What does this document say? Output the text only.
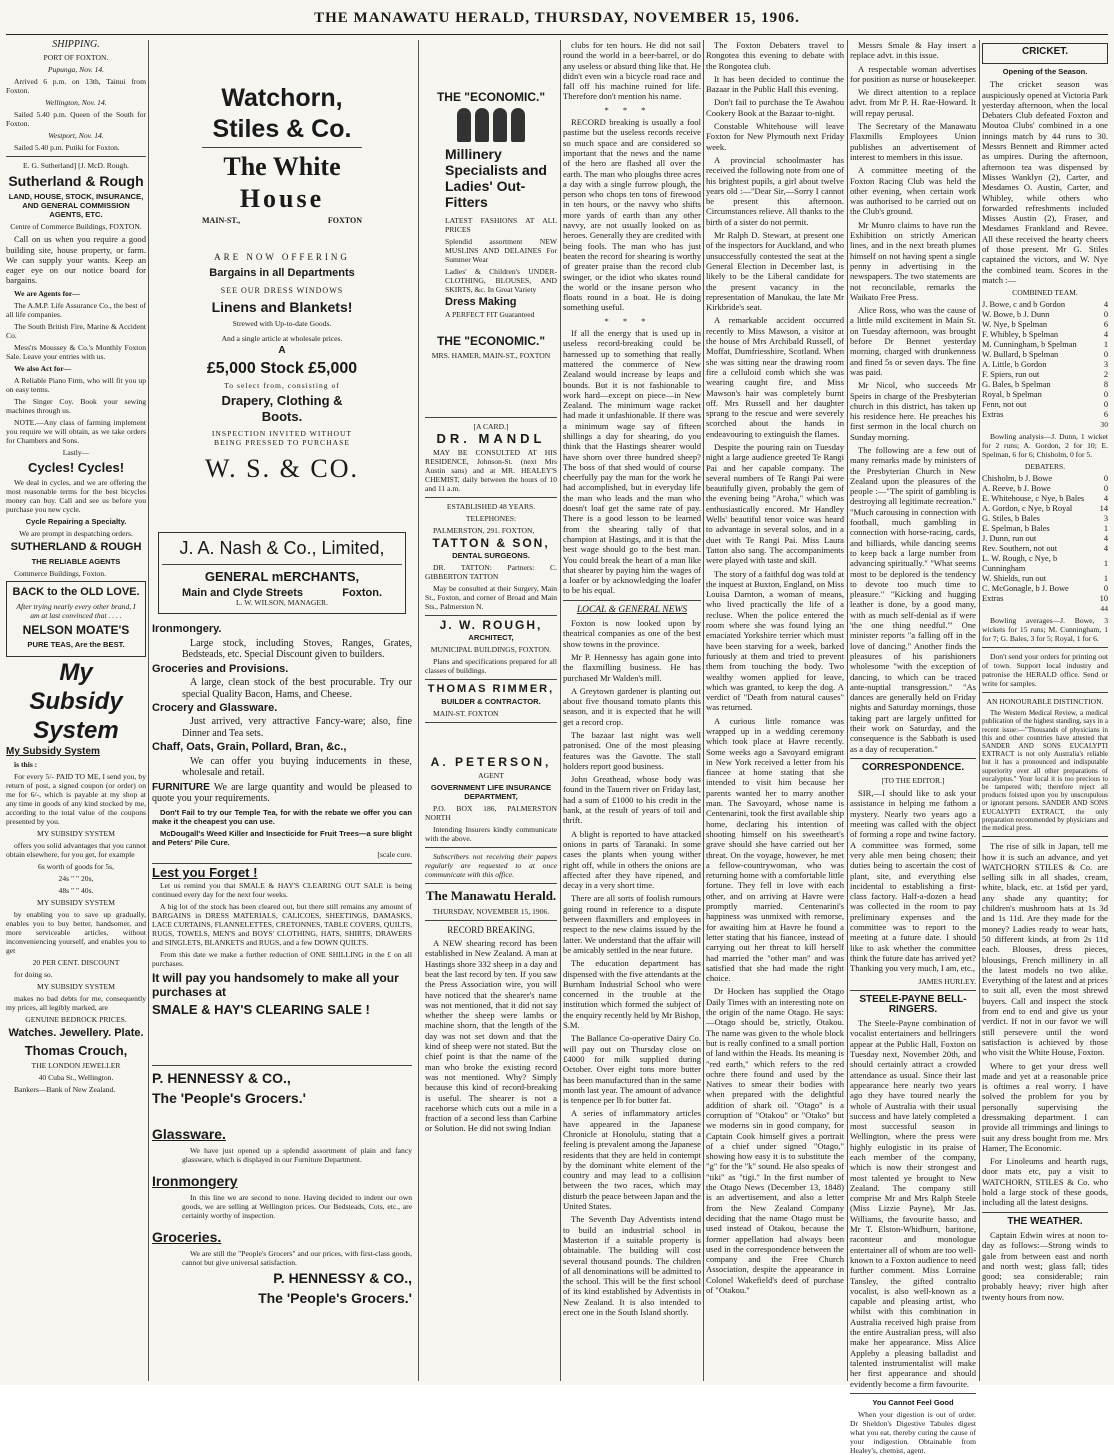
THE MANAWATU HERALD, THURSDAY, NOVEMBER 15, 1906.

SHIPPING.

PORT OF FOXTON.

Pupunga, Nov. 14.

Arrived 6 p.m. on 13th, Tainui from Foxton.

Wellington, Nov. 14.

Sailed 5.40 p.m. Queen of the South for Foxton.

Westport, Nov. 14.

Sailed 5.40 p.m. Putiki for Foxton.

E. G. Sutherland] [J. McD. Rough.

Sutherland & Rough

LAND, HOUSE, STOCK, INSURANCE, AND GENERAL COMMISSION AGENTS, ETC.

Centre of Commerce Buildings, FOXTON.

Call on us when you require a good building site, house property, or farm. We can supply your wants. Keep an eager eye on our notice board for bargains.

We are Agents for—

The A.M.P. Life Assurance Co., the best of all life companies.

The South British Fire, Marine & Accident Co.

Mess'rs Moussey & Co.'s Monthly Foxton Sale. Leave your entries with us.

We also Act for—

A Reliable Piano Firm, who will fit you up on easy terms.

The Singer Coy. Book your sewing machines through us.

NOTE.—Any class of farming implement you require we will obtain, as we take orders for Chambers and Sons.

Lastly—

Cycles! Cycles!

We deal in cycles, and we are offering the most reasonable terms for the best bicycles money can buy. Call and see us before you purchase you new cycle.

Cycle Repairing a Specialty.

We are prompt in despatching orders.

SUTHERLAND & ROUGH

THE RELIABLE AGENTS

Commerce Buildings, Foxton.

BACK to the OLD LOVE.

After trying nearly every other brand, I am at last convinced that . . . .

NELSON MOATE'S

PURE TEAS, Are the BEST.

My

Subsidy

System

My Subsidy System

is this :

For every 5/- PAID TO ME, I send you, by return of post, a signed coupon (or order) on me for 6/-, which is payable at my shop at any time in goods of any kind stocked by me, according to the total value of the coupons presented by you.

MY SUBSIDY SYSTEM

offers you solid advantages that you cannot obtain elsewhere, for you get, for example

6s worth of goods for 5s,

24s " " 20s,

48s " " 40s.

MY SUBSIDY SYSTEM

by enabling you to save up gradually, enables you to buy better, handsomer, and more serviceable articles, without inconveniencing yourself, and enables you to get

20 PER CENT. DISCOUNT

for doing so.

MY SUBSIDY SYSTEM

makes no bad debts for me, consequently my prices, all legibly marked, are

GENUINE BEDROCK PRICES.

Watches. Jewellery. Plate.

Thomas Crouch,

THE LONDON JEWELLER

40 Cuba St., Wellington.

Bankers—Bank of New Zealand.

Watchorn,

Stiles & Co.

The White

House

MAIN-ST.,	FOXTON

ARE NOW OFFERING

Bargains in all Departments

SEE OUR DRESS WINDOWS

Linens and Blankets!

Strewed with Up-to-date Goods.

And a single article at wholesale prices.

A

£5,000 Stock £5,000

To select from, consisting of

Drapery, Clothing & Boots.

INSPECTION INVITED WITHOUT BEING PRESSED TO PURCHASE

W. S. & CO.

J. A. Nash & Co., Limited,

GENERAL mERCHANTS,

Main and Clyde Streets	Foxton.

L. W. WILSON, MANAGER.

Ironmongery.

Large stock, including Stoves, Ranges, Grates, Bedsteads, etc. Special Discount given to builders.

Groceries and Provisions.

A large, clean stock of the best procurable. Try our special Quality Bacon, Hams, and Cheese.

Crocery and Glassware.

Just arrived, very attractive Fancy-ware; also, fine Dinner and Tea sets.

Chaff, Oats, Grain, Pollard, Bran, &c.,

We can offer you buying inducements in these, wholesale and retail.

FURNITURE We are large quantity and would be pleased to quote you your requirements.

Don't Fail to try our Temple Tea, for with the rebate we offer you can make it the cheapest you can use.

McDougall's Weed Killer and Insecticide for Fruit Trees—a sure blight and Peters' Pile Cure.

[scale cure.

Lest you Forget !

Let us remind you that SMALE & HAY'S CLEARING OUT SALE is being continued every day for the next four weeks.

A big lot of the stock has been cleared out, but there still remains any amount of BARGAINS in DRESS MATERIALS, CALICOES, SHEETINGS, DAMASKS, LACE CURTAINS, FLANNELETTES, CRETONNES, TABLE COVERS, QUILTS, RUGS, TOWELS, MEN'S and BOYS' CLOTHING, HATS, SHIRTS, DRAWERS and SINGLETS, BLANKETS and RUGS, and a few DOWN QUILTS.

From this date we make a further reduction of ONE SHILLING in the £ on all purchases.

It will pay you handsomely to make all your purchases at

SMALE & HAY'S CLEARING SALE !

P. HENNESSY & CO.,

The 'People's Grocers.'

Glassware.

We have just opened up a splendid assortment of plain and fancy glassware, which is displayed in our Furniture Department.

Ironmongery

In this line we are second to none. Having decided to indent our own goods, we are selling at Wellington prices. Our Bedsteads, Cots, etc., are certainly worthy of inspection.

Groceries.

We are still the "People's Grocers" and our prices, with first-class goods, cannot but give universal satisfaction.

P. HENNESSY & CO.,

The 'People's Grocers.'

THE "ECONOMIC."

Millinery Specialists and Ladies' Out-Fitters

LATEST FASHIONS AT ALL PRICES

Splendid assortment NEW MUSLINS AND DELAINES For Summer Wear

Ladies' & Children's UNDER-CLOTHING, BLOUSES, AND SKIRTS, &c. In Great Variety

Dress Making

A PERFECT FIT Guaranteed

THE "ECONOMIC."

MRS. HAMER, MAIN-ST., FOXTON

[A CARD.]

DR. MANDL

MAY BE CONSULTED AT HIS RESIDENCE, Johnson-St. (next Mrs Austin sans) and at MR. HEALEY'S CHEMIST, daily between the hours of 10 and 11 a.m.

ESTABLISHED 48 YEARS.

TELEPHONES:

PALMERSTON, 291. FOXTON,

TATTON & SON,

DENTAL SURGEONS.

DR. TATTON: Partners: C. GIBBERTON TATTON

May be consulted at their Surgery, Main St., Foxton, and corner of Broad and Main Sts., Palmerston N.

J. W. ROUGH,

ARCHITECT,

MUNICIPAL BUILDINGS, FOXTON.

Plans and specifications prepared for all classes of buildings.

THOMAS RIMMER,

BUILDER & CONTRACTOR.

MAIN-ST. FOXTON

A. PETERSON,

AGENT

GOVERNMENT LIFE INSURANCE DEPARTMENT,

P.O. BOX 186, PALMERSTON NORTH

Intending Insurers kindly communicate with the above.

Subscribers not receiving their papers regularly are requested to at once communicate with this office.

The Manawatu Herald.

THURSDAY, NOVEMBER 15, 1906.

RECORD BREAKING.

A NEW shearing record has been established in New Zealand. A man at Hastings shore 332 sheep in a day and beat the last record by ten. If you saw the Press Association wire, you will have noticed that the shearer's name was not mentioned, that it did not say whether the sheep were lambs or machine shorn, that the length of the day was not set down and that the kind of sheep were not stated. But the chief point is that the name of the man who broke the existing record was not mentioned. Why? Simply because this kind of record-breaking is useful. The shearer is not a racehorse which cuts out a mile in a fraction of a second less than Carbine or Solution. He did not swing Indian

clubs for ten hours. He did not sail round the world in a beer-barrel, or do any useless or absurd thing like that. He didn't even win a bicycle road race and fall off his machine ruined for life. Therefore don't mention his name.

***

RECORD breaking is usually a fool pastime but the useless records receive so much space and are considered so important that the news and the name of the hero are flashed all over the earth. The man who ploughs three acres a day with a single furrow plough, the person who chops ten tons of firewood in ten hours, or the navvy who shifts more yards of earth than any other navvy, are not usually looked on as heroes. Generally they are credited with being fools. The man who has just beaten the record for shearing is worthy of greater praise than the record club swinger, or the idiot who skates round the world or the insane person who floats round in a boat. He is doing something useful.

***

If all the energy that is used up in useless record-breaking could be harnessed up to something that really mattered the commerce of New Zealand would increase by leaps and bounds. But it is not fashionable to work hard—except on piece—in New Zealand. The minimum wage racket had made it unfashionable. If there was a minimum wage say of fifteen shillings a day for shearing, do you think that the Hastings shearer would have shorn over three hundred sheep? The boss of that shed would of course cheerfully pay the man for the work he had accomplished, but in everyday life the man who leads and the man who doesn't loaf get the same rate of pay. There is a good lesson to be learned from the shearing tally of that champion at Hastings, and it is that the best wage should go to the best man. You could break the heart of a man like that shearer by paying him the wages of a loafer or by acknowledging the loafer to be his equal.

LOCAL & GENERAL NEWS

Foxton is now looked upon by theatrical companies as one of the best show towns in the province.

Mr P. Hennessy has again gone into the flaxmilling business. He has purchased Mr Walden's mill.

A Greytown gardener is planting out about five thousand tomato plants this season, and it is expected that he will get a record crop.

The bazaar last night was well patronised. One of the most pleasing features was the Gavotte. The stall holders report good business.

John Greathead, whose body was found in the Tauern river on Friday last, had a sum of £1000 to his credit in the bank, at the result of years of toil and thrift.

A blight is reported to have attacked onions in parts of Taranaki. In some cases the plants when young wither right off, while in others the onions are affected after they have ripened, and decay in a very short time.

There are all sorts of foolish rumours going round in reference to a dispute between flaxmillers and employees in respect to the new claims issued by the latter. We understand that the affair will be amicably settled in the near future.

The education department has dispensed with the five attendants at the Burnham Industrial School who were concerned in the trouble at the institution which formed the subject of the enquiry recently held by Mr Bishop, S.M.

The Ballance Co-operative Dairy Co. will pay out on Thursday close on £4000 for milk supplied during October. Over eight tons more butter has been manufactured than in the same month last year. The amount of advance is tenpence per lb for butter fat.

A series of inflammatory articles have appeared in the Japanese Chronicle at Honolulu, stating that a feeling is prevalent among the Japanese residents that they are held in contempt by the dominant white element of the country and may lead to a collision between the two races, which may disturb the peace between Japan and the United States.

The Seventh Day Adventists intend to build an industrial school in Masterton if a suitable property is obtainable. The building will cost several thousand pounds. The children of all denominations will be admitted to the school. This will be the first school of its kind established by Adventists in New Zealand. It is also intended to erect one in the South Island shortly.

The Foxton Debaters travel to Rongotea this evening to debate with the Rongotea club.

It has been decided to continue the Bazaar in the Public Hall this evening.

Don't fail to purchase the Te Awahou Cookery Book at the Bazaar to-night.

Constable Whitehouse will leave Foxton for New Plymouth next Friday week.

A provincial schoolmaster has received the following note from one of his brightest pupils, a girl about twelve years old :—"Dear Sir,—Sorry I cannot be present this afternoon. Circumstances relieve. All thanks to the birth of a sister do not permit.

Mr Ralph D. Stewart, at present one of the inspectors for Auckland, and who unsuccessfully contested the seat at the General Election in December last, is likely to be the Liberal candidate for the present vacancy in the representation of Manukau, the late Mr Kirkbride's seat.

A remarkable accident occurred recently to Miss Mawson, a visitor at the house of Mrs Archibald Russell, of Moffat, Dumfriesshire, Scotland. When she was sitting near the drawing room fire a celluloid comb which she was wearing caught fire, and Miss Mawson's hair was completely burnt off. Mrs Russell and her daughter sprang to the rescue and were severely scorched about the hands in endeavouring to extinguish the flames.

Despite the pouring rain on Tuesday night a large audience greeted Te Rangi Pai and her capable company. The several numbers of Te Rangi Pai were beautifully given, probably the gem of the evening being "Aroha," which was enthusiastically encored. Mr Handley Wells' beautiful tenor voice was heard to advantage in several solos, and in a duet with Te Rangi Pai. Miss Laura Tatton also sang. The accompaniments were played with taste and skill.

The story of a faithful dog was told at the inquest at Buxton, England, on Miss Louisa Darnton, a woman of means, who lived practically the life of a recluse. When the police entered the room where she was found lying an emaciated Yorkshire terrier which must have been starving for a week, barked furiously at them and tried to prevent them from touching the body. Two wealthy women applied for leave, which was granted, to keep the dog. A verdict of "Death from natural causes" was returned.

A curious little romance was wrapped up in a wedding ceremony which took place at Havre recently. Some weeks ago a Savoyard emigrant in New York received a letter from his fiancee at home stating that she intended to visit him because her parents wanted her to marry another man. The Savoyard, whose name is Centenarini, took the first available ship home, declaring his intention of shooting himself on his sweetheart's grave should she have carried out her threat. On the voyage, however, he met a fellow-countrywoman, who was returning home with a comfortable little fortune. They fell in love with each other, and on arriving at Havre were promptly married. Centenarini's happiness was unmixed with remorse, for awaiting him at Havre he found a letter stating that his fiancee, instead of carrying out her threat to kill herself had married the "other man" and was satisfied that she had made the right choice.

Dr Hocken has supplied the Otago Daily Times with an interesting note on the origin of the name Otago. He says:—Otago should be, strictly, Otakou. The name was given to the whole block but is really confined to a small portion of land within the Heads. Its meaning is "red earth," which refers to the red ochre there found and used by the Natives to smear their bodies with when prepared with the delightful addition of shark oil. "Otago" is a corruption of "Otakou" or "Otako" but we moderns sin in good company, for Captain Cook himself gives a portrait of a chief under signed "Otago," showing how easy it is to substitute the "g" for the "k" sound. He also speaks of "tiki" as "tigi." In the first number of the Otago News (December 13, 1848) is an advertisement, and also a letter from the New Zealand Company deciding that the name Otago must be used instead of Otakou, because the former appellation had always been used in the correspondence between the company and the Free Church Association, despite the appearance in Colonel Wakefield's deed of purchase of "Otakou."

Messrs Smale & Hay insert a replace advt. in this issue.

A respectable woman advertises for position as nurse or housekeeper.

We direct attention to a replace advt. from Mr P. H. Rae-Howard. It will repay perusal.

The Secretary of the Manawatu Flaxmills Employees Union publishes an advertisement of interest to members in this issue.

A committee meeting of the Foxton Racing Club was held the other evening, when certain work was authorised to be carried out on the Club's ground.

Mr Munro claims to have run the Exhibition on strictly American lines, and in the next breath plumes himself on not having spent a single penny in advertising in the newspapers. The two statements are not reconcilable, remarks the Waikato Free Press.

Alice Ross, who was the cause of a little mild excitement in Main St. on Tuesday afternoon, was brought before Dr Bennet yesterday morning, charged with drunkenness and fined 5s or seven days. The fine was paid.

Mr Nicol, who succeeds Mr Speirs in charge of the Presbyterian church in this district, has taken up his residence here. He preaches his first sermon in the local church on Sunday morning.

The following are a few out of many remarks made by ministers of the Presbyterian Church in New Zealand upon the pleasures of the people :—"The spirit of gambling is destroying all legitimate recreation." "Much carousing in connection with football, much gambling in connection with horse-racing, cards, and billiards, while dancing seems to keep back a large number from advancing spiritually." "What seems most to be deplored is the tendency to devote too much time to pleasure." "Kicking and hugging leather is done, by a good many, with as much self-denial as if were 'the one thing needful.'" One minister reports "a falling off in the love of dancing." Another finds the pleasures of his parishioners wholesome "with the exception of dancing, to which can be traced ante-nuptial transgression." "As dances are generally held on Friday nights and Saturday mornings, those taking part are largely unfitted for their work on Saturday, and the consequence is the Sabbath is used as a day of recuperation."

CORRESPONDENCE.

[TO THE EDITOR.]

SIR,—I should like to ask your assistance in helping me fathom a mystery. Nearly two years ago a meeting was called with the object of forming a rope and twine factory. A committee was formed, some very able men being chosen; their duties being to ascertain the cost of plant, site, and everything else incidental to establishing a first-class factory. Half-a-dozen a head was collected in the room to pay preliminary expenses and the committee was to report to the meeting at a future date. I should like to ask whether the committee think the future date has arrived yet? Thanking you very much, I am, etc.,

JAMES HURLEY.

STEELE-PAYNE BELL-RINGERS.

The Steele-Payne combination of vocalist entertainers and bellringers appear at the Public Hall, Foxton on Tuesday next, November 20th, and should certainly attract a crowded attendance as usual. Since their last appearance here nearly two years ago they have toured nearly the whole of Australia with their usual success and have lately completed a most successful season in Wellington, where the press were highly eulogistic in its praise of each member of the company, which is now their strongest and most talented ye brought to New Zealand. The company still comprise Mr and Mrs Ralph Steele (Miss Lizzie Payne), Mr Jas. Williams, the favourite basso, and Mr T. Elston-Whidburn, baritone, raconteur and monologue entertainer all of whom are too well-known to a Foxton audience to need further comment. Miss Lorraine Tansley, the gifted contralto vocalist, is also well-known as a capable and pleasing artist, who whilst with this combination in Australia received high praise from the entire Australian press, will also make her appearance. Miss Alice Appleby a pleasing balladist and talented instrumentalist will make her first appearance and should evidently become a firm favourite.

You Cannot Feel Good

When your digestion is out of order. Dr Sheldon's Digestive Tabules digest what you eat, thereby curing the cause of your indigestion. Obtainable from Healey's, chemist, agent.

CRICKET.

Opening of the Season.

The cricket season was auspiciously opened at Victoria Park yesterday afternoon, when the local Debaters Club defeated Foxton and Moutoa Clubs' combined in a one innings match by 44 runs to 30. Messrs Bennett and Rimmer acted as umpires. During the afternoon, afternoon tea was dispensed by Misses Wanklyn (2), Carter, and Mesdames O. Austin, Carter, and Whibley, while others who forwarded refreshments included Misses Austin (2), Fraser, and Mesdames Frankland and Revee. All these received the hearty cheers of those present. Mr G. Stiles captained the victors, and W. Nye the combined team. Scores in the match :—

COMBINED TEAM.

J. Bowe, c and b Gordon	4
W. Bowe, b J. Dunn	0
W. Nye, b Spelman	6
F. Whibley, b Spelman	4
M. Cunningham, b Spelman	1
W. Bullard, b Spelman	0
A. Little, b Gordon	3
F. Spiers, run out	2
G. Bales, b Spelman	8
Royal, b Spelman	0
Fenn, not out	0
Extras	6

30

Bowling analysis—J. Dunn, 1 wicket for 2 runs; A. Gordon, 2 for 10; E. Spelman, 6 for 6; Chisholm, 0 for 5.

DEBATERS.

Chisholm, b J. Bowe	0
A. Reeve, b J. Bowe	0
E. Whitehouse, c Nye, b Bales	4
A. Gordon, c Nye, b Royal	14
G. Stiles, b Bales	3
E. Spelman, b Bales	1
J. Dunn, run out	4
Rev. Southern, not out	4
L. W. Rough, c Nye, b Cunningham	1
W. Shields, run out	1
C. McGonagle, b J. Bowe	0
Extras	10

44

Bowling averages—J. Bowe, 3 wickets for 15 runs; M. Cunningham, 1 for 7; G. Bales, 3 for 5; Royal, 1 for 6.

Don't send your orders for printing out of town. Support local industry and patronise the HERALD office. Send or write for samples.

AN HONOURABLE DISTINCTION.

The Western Medical Review, a medical publication of the highest standing, says in a recent issue:—"Thousands of physicians in this and other countries have attested that SANDER AND SONS EUCALYPTI EXTRACT is not only Australia's reliable but it has a pronounced and indisputable superiority over all other preparations of eucalyptus." Your local it is too precious to be tampered with; therefore reject all products foisted upon you by unscrupulous or ignorant persons. SANDER AND SONS EUCALYPTI EXTRACT, the only preparation recommended by physicians and the medical press.

The rise of silk in Japan, tell me how it is such an advance, and yet WATCHORN STILES & Co. are selling silk in all shades, cream, white, black, etc. at 1s6d per yard, any shade any quantity; for children's mushroom hats at 1s 3d and 1s 11d. Are they made for the money? Ladies ready to wear hats, 50 different kinds, at from 2s 11d each. Blouses, dress pieces, blousings, French millinery in all the latest models no two alike. Everything of the latest and at prices to suit all, even the most shrewd buyers. Call and inspect the stock from end to end and give us your verdict. If not in our favor we will still persevere until the word satisfaction is achieved by those who visit the White House, Foxton.

Where to get your dress well made and yet at a reasonable price is oftimes a real worry. I have solved the problem for you by personally supervising the dressmaking department. I can provide all trimmings and linings to suit any dress bought from me. Mrs Hamer, The Economic.

For Linoleums and hearth rugs, door mats etc, pay a visit to WATCHORN, STILES & Co. who hold a large stock of these goods, including all the latest designs.

THE WEATHER.

Captain Edwin wires at noon to-day as follows:—Strong winds to gale from between east and north and north west; glass fall; tides good; sea considerable; rain probably heavy; river high after twenty hours from now.
